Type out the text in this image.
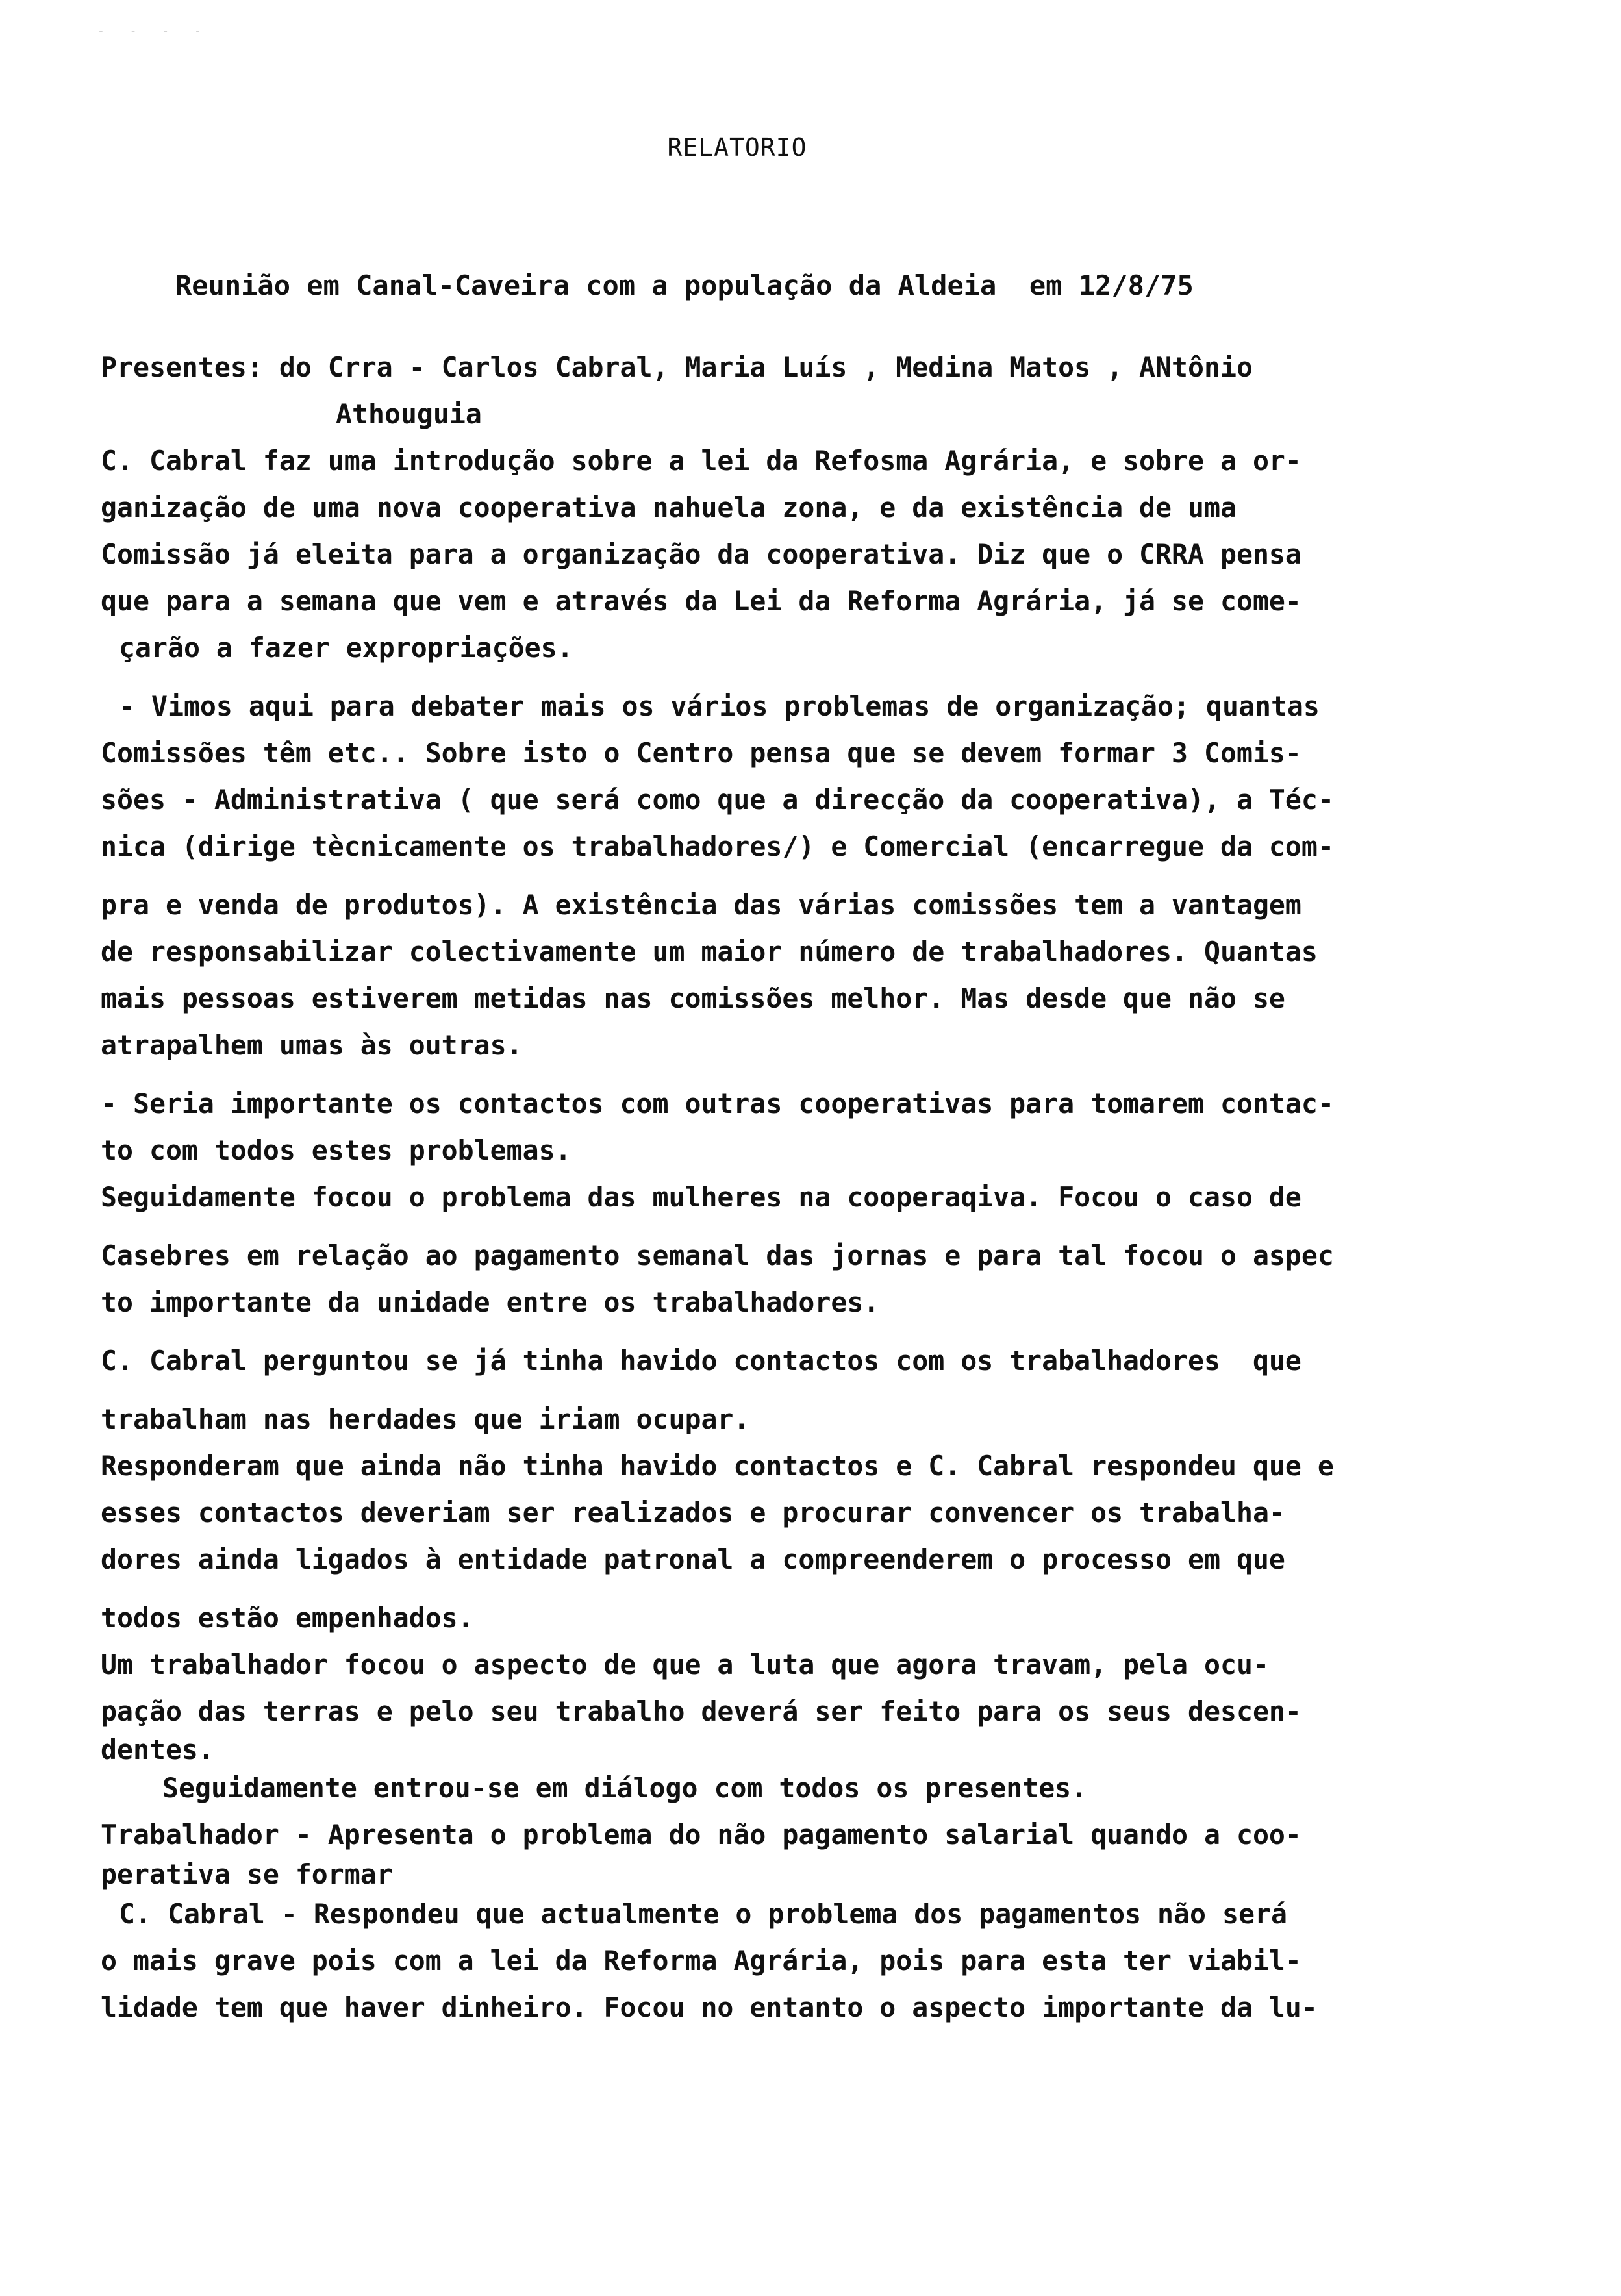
- - - -
RELATORIO
Reunião em Canal-Caveira com a população da Aldeia  em 12/8/75
Presentes: do Crra - Carlos Cabral, Maria Luís , Medina Matos , ANtônio
Athouguia
C. Cabral faz uma introdução sobre a lei da Refosma Agrária, e sobre a or-
ganização de uma nova cooperativa nahuela zona, e da existência de uma
Comissão já eleita para a organização da cooperativa. Diz que o CRRA pensa
que para a semana que vem e através da Lei da Reforma Agrária, já se come-
çarão a fazer expropriações.
- Vimos aqui para debater mais os vários problemas de organização; quantas
Comissões têm etc.. Sobre isto o Centro pensa que se devem formar 3 Comis-
sões - Administrativa ( que será como que a direcção da cooperativa), a Téc-
nica (dirige tècnicamente os trabalhadores/) e Comercial (encarregue da com-
pra e venda de produtos). A existência das várias comissões tem a vantagem
de responsabilizar colectivamente um maior número de trabalhadores. Quantas
mais pessoas estiverem metidas nas comissões melhor. Mas desde que não se
atrapalhem umas às outras.
- Seria importante os contactos com outras cooperativas para tomarem contac-
to com todos estes problemas.
Seguidamente focou o problema das mulheres na cooperaqiva. Focou o caso de
Casebres em relação ao pagamento semanal das jornas e para tal focou o aspec
to importante da unidade entre os trabalhadores.
C. Cabral perguntou se já tinha havido contactos com os trabalhadores  que
trabalham nas herdades que iriam ocupar.
Responderam que ainda não tinha havido contactos e C. Cabral respondeu que e
esses contactos deveriam ser realizados e procurar convencer os trabalha-
dores ainda ligados à entidade patronal a compreenderem o processo em que
todos estão empenhados.
Um trabalhador focou o aspecto de que a luta que agora travam, pela ocu-
pação das terras e pelo seu trabalho deverá ser feito para os seus descen-
dentes.
Seguidamente entrou-se em diálogo com todos os presentes.
Trabalhador - Apresenta o problema do não pagamento salarial quando a coo-
perativa se formar
C. Cabral - Respondeu que actualmente o problema dos pagamentos não será
o mais grave pois com a lei da Reforma Agrária, pois para esta ter viabil-
lidade tem que haver dinheiro. Focou no entanto o aspecto importante da lu-
